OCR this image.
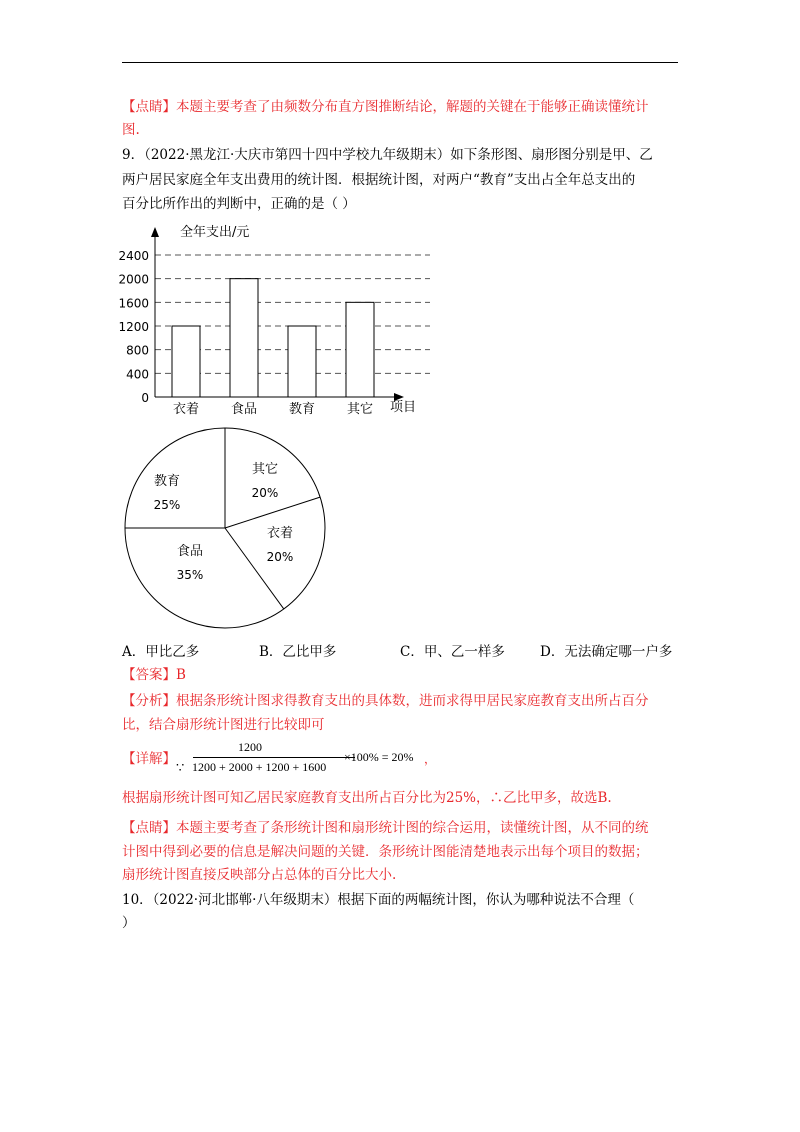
【点睛】本题主要考查了由频数分布直方图推断结论，解题的关键在于能够正确读懂统计
图.
9．（2022·黑龙江·大庆市第四十四中学校九年级期末）如下条形图、扇形图分别是甲、乙
两户居民家庭全年支出费用的统计图．根据统计图，对两户“教育”支出占全年总支出的
百分比所作出的判断中，正确的是（ ）
全年支出/元
项目
0
400
800
1200
1600
2000
2400
衣着 食品 教育 其它
其它
20%
衣着
20%
食品
35%
教育
25%
A．甲比乙多	B．乙比甲多	C．甲、乙一样多	D．无法确定哪一户多
【答案】B
【分析】根据条形统计图求得教育支出的具体数，进而求得甲居民家庭教育支出所占百分
比，结合扇形统计图进行比较即可
【详解】
∵
1200
1200 + 2000 + 1200 + 1600
×100% = 20% ，
根据扇形统计图可知乙居民家庭教育支出所占百分比为25%，∴乙比甲多，故选B.
【点睛】本题主要考查了条形统计图和扇形统计图的综合运用，读懂统计图，从不同的统
计图中得到必要的信息是解决问题的关键．条形统计图能清楚地表示出每个项目的数据；
扇形统计图直接反映部分占总体的百分比大小.
10．（2022·河北邯郸·八年级期末）根据下面的两幅统计图，你认为哪种说法不合理（
）
